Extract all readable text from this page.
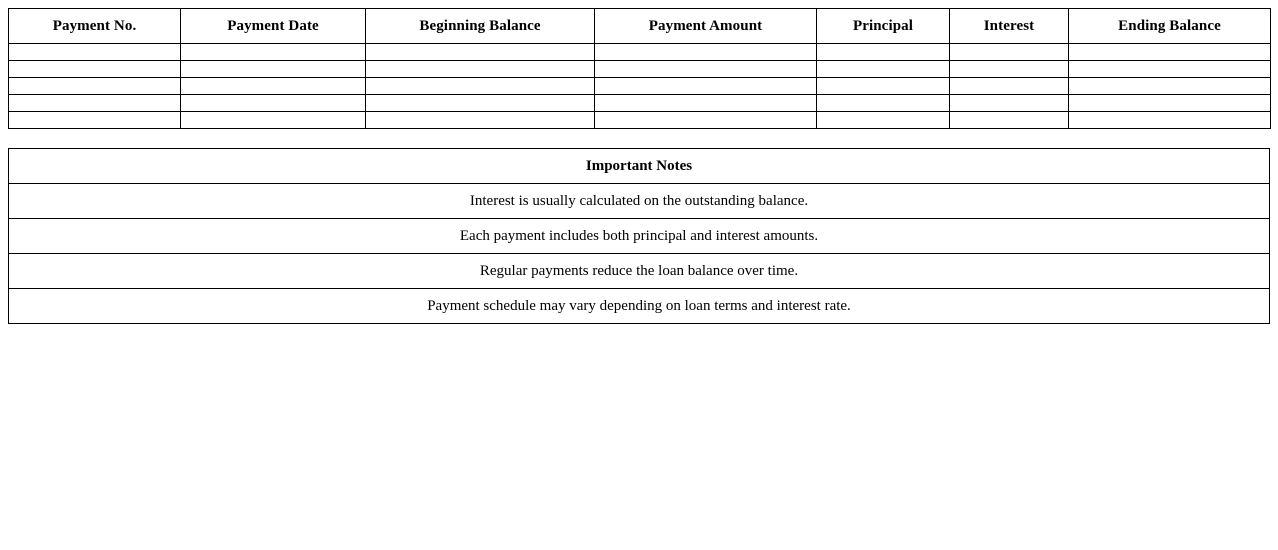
Payment No.	Payment Date	Beginning Balance	Payment Amount	Principal	Interest	Ending Balance

Important Notes
Interest is usually calculated on the outstanding balance.
Each payment includes both principal and interest amounts.
Regular payments reduce the loan balance over time.
Payment schedule may vary depending on loan terms and interest rate.
